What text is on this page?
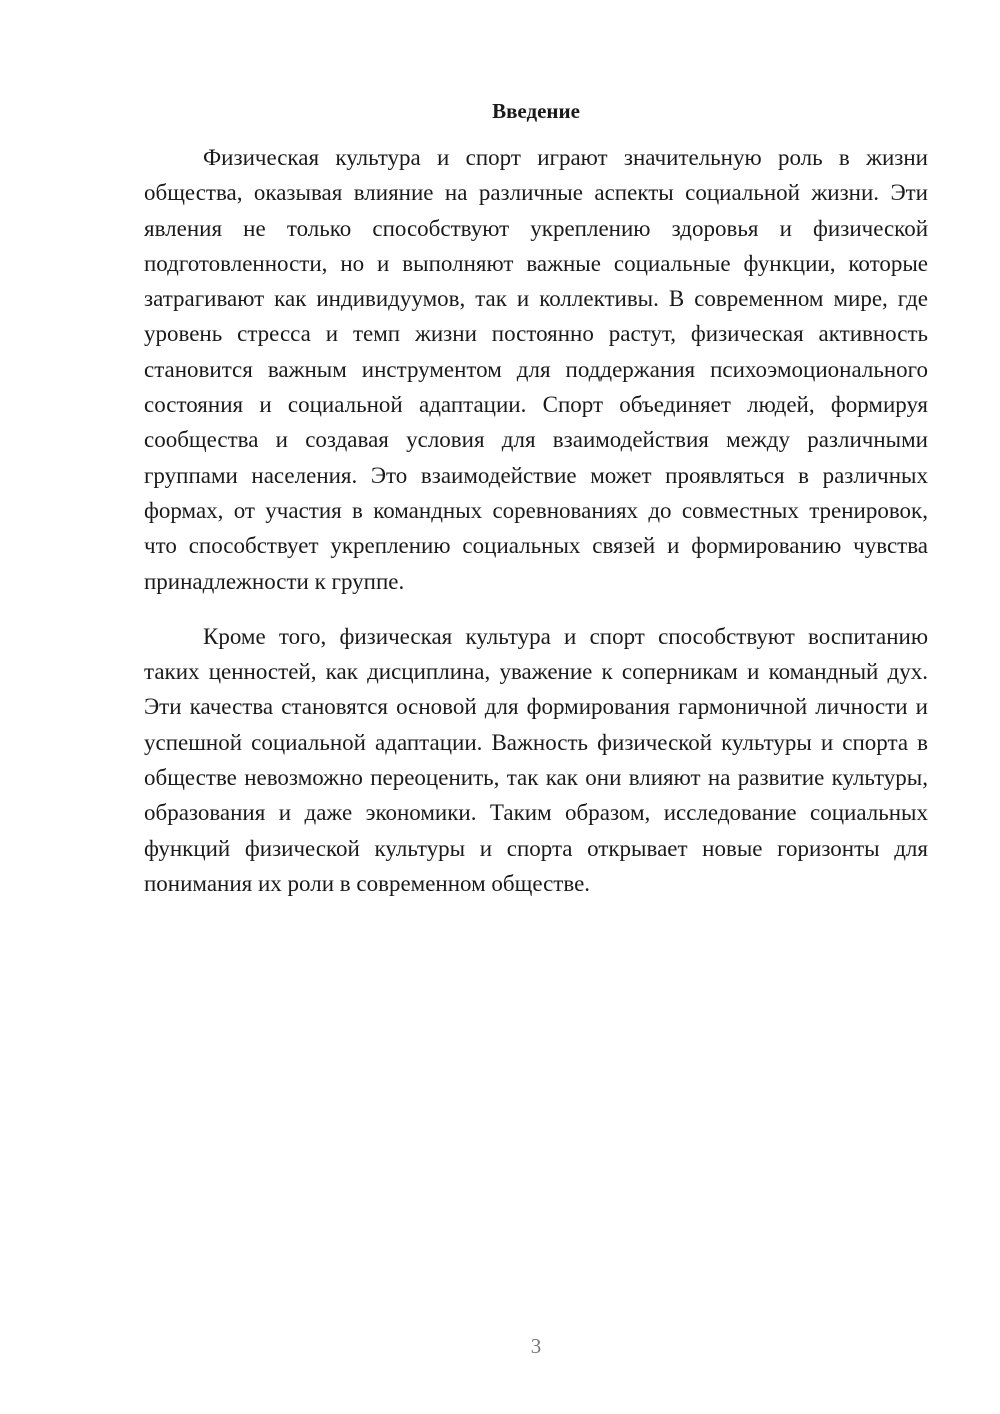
Введение

Физическая культура и спорт играют значительную роль в жизни общества, оказывая влияние на различные аспекты социальной жизни. Эти явления не только способствуют укреплению здоровья и физической подготовленности, но и выполняют важные социальные функции, которые затрагивают как индивидуумов, так и коллективы. В современном мире, где уровень стресса и темп жизни постоянно растут, физическая активность становится важным инструментом для поддержания психоэмоционального состояния и социальной адаптации. Спорт объединяет людей, формируя сообщества и создавая условия для взаимодействия между различными группами населения. Это взаимодействие может проявляться в различных формах, от участия в командных соревнованиях до совместных тренировок, что способствует укреплению социальных связей и формированию чувства принадлежности к группе.

Кроме того, физическая культура и спорт способствуют воспитанию таких ценностей, как дисциплина, уважение к соперникам и командный дух. Эти качества становятся основой для формирования гармоничной личности и успешной социальной адаптации. Важность физической культуры и спорта в обществе невозможно переоценить, так как они влияют на развитие культуры, образования и даже экономики. Таким образом, исследование социальных функций физической культуры и спорта открывает новые горизонты для понимания их роли в современном обществе.

3
